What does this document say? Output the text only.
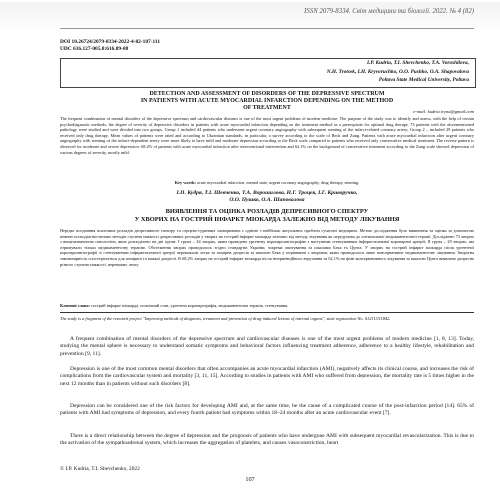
ISSN 2079-8334. Світ медицини та біології. 2022. № 4 (82)
DOI 10.26724/2079-8334-2022-4-82-107-111
UDC 616.127-005.8:616.89-08
I.P. Kudria, T.I. Shevchenko, T.A. Voroshilova,
N.H. Trotsek, I.H. Kryvoruchko, O.O. Pushko, O.A. Shapovalova
Poltava State Medical University, Poltava
DETECTION AND ASSESSMENT OF DISORDERS OF THE DEPRESSIVE SPECTRUM
IN PATIENTS WITH ACUTE MYOCARDIAL INFARCTION DEPENDING ON THE METHOD
OF TREATMENT
e-mail: kudria.iryna@gmail.com

The frequent combination of mental disorders of the depressive spectrum and cardiovascular diseases is one of the most urgent problems of modern medicine. The purpose of the study was to identify and assess, with the help of certain psychodiagnostic methods, the degree of severity of depressive disorders in patients with acute myocardial infarction depending on the treatment method as a prerequisite for optimal drug therapy. 73 patients with the aforementioned pathology were studied and were divided into two groups. Group 1 included 44 patients who underwent urgent coronary angiography with subsequent stenting of the infarct-related coronary artery; Group 2 – included 29 patients who received only drug therapy. Mean values of patients were rated and according to Ukrainian standards, in particular, a survey according to the scale of Beck and Zung. Patients with acute myocardial infarction after urgent coronary angiography with stenting of the infarct-dependent artery were more likely to have mild and moderate depression according to the Beck scale compared to patients who received only conservative medical treatment. The reverse pattern is observed for moderate and severe depression: 68.2% of patients with acute myocardial infarction after interventional intervention and 62.1% on the background of conservative treatment according to the Zung scale showed depression of various degrees of severity, mostly mild.

Key words: acute myocardial infarction, mental state, urgent coronary angiography, drug therapy, stenting.
І.П. Кудря, Т.І. Шевченко, Т.А. Ворошилова, Н.Г. Троцек, І.Г. Криворучко,
О.О. Пушко, О.А. Шаповалова
ВИЯВЛЕННЯ ТА ОЦІНКА РОЗЛАДІВ ДЕПРЕСИВНОГО СПЕКТРУ
У ХВОРИХ НА ГОСТРИЙ ІНФАРКТ МІОКАРДА ЗАЛЕЖНО ВІД МЕТОДУ ЛІКУВАННЯ

Нерідке поєднання психічних розладів депресивного спектру та серцево-судинних захворювань є однією з найбільш актуальних проблем сучасної медицини. Метою дослідження було виявлення та оцінка за допомогою певних психодіагностичних методів ступеня тяжкості депресивних розладів у хворих на гострий інфаркт міокарда залежно від методу лікування як передумова до оптимальної медикаментозної терапії. Досліджено 73 хворих з вищезазначеною патологією, яких розподілено на дві групи: І група – 44 хворих, яким проведено ургентну коронароангіографію з наступним стентуванням інфарктзалежної коронарної артерії; ІІ група – 29 хворих, які отримували тільки медикаментозну терапію. Обстеження хворих проводилось згідно стандартів України, зокрема опитування за шкалами Бека та Цунга. У хворих на гострий інфаркт міокарда після ургентної коронароангіографії зі стентуванням інфарктзалежної артерії переважали легка та помірна депресія за шкалою Бека у порівнянні з хворими, яким проводилося лише консервативне медикаментозне лікування. Зворотна закономірність спостерігається для помірної та важкої депресії. В 68,2% хворих на гострий інфаркт міокарда після інтервенційного втручання та 62,1% на фоні консервативного лікування за шкалою Цунга виявлено депресію різного ступеня тяжкості, переважно легку.

Ключові слова: гострий інфаркт міокарда, психічний стан, ургентна коронарографія, медикаментозна терапія, стентування.
The study is a fragment of the research project "Improving methods of diagnosis, treatment and prevention of drug-induced lesions of internal organs", state registration No. 0121U111842.

A frequent combination of mental disorders of the depressive spectrum and cardiovascular diseases is one of the most urgent problems of modern medicine [1, 8, 13]. Today, studying the mental sphere is necessary to understand somatic symptoms and behavioral factors influencing treatment adherence, adherence to a healthy lifestyle, rehabilitation and prevention [9, 11].

Depression is one of the most common mental disorders that often accompanies an acute myocardial infarction (AMI), negatively affects its clinical course, and increases the risk of complications from the cardiovascular system and mortality [3, 11, 15]. According to studies in patients with AMI who suffered from depression, the mortality rate is 5 times higher in the next 12 months than in patients without such disorders [8].

Depression can be considered one of the risk factors for developing AMI and, at the same time, be the cause of a complicated course of the post-infarction period [14]. 65% of patients with AMI had symptoms of depression, and every fourth patient had symptoms within 18–24 months after an acute cardiovascular event [7].

There is a direct relationship between the degree of depression and the prognosis of patients who have undergone AMI with subsequent myocardial revascularization. This is due to the activation of the sympathoadrenal system, which increases the aggregation of platelets, and causes vasoconstriction, heart

© I.P. Kudria, T.I. Shevchenko, 2022
107
